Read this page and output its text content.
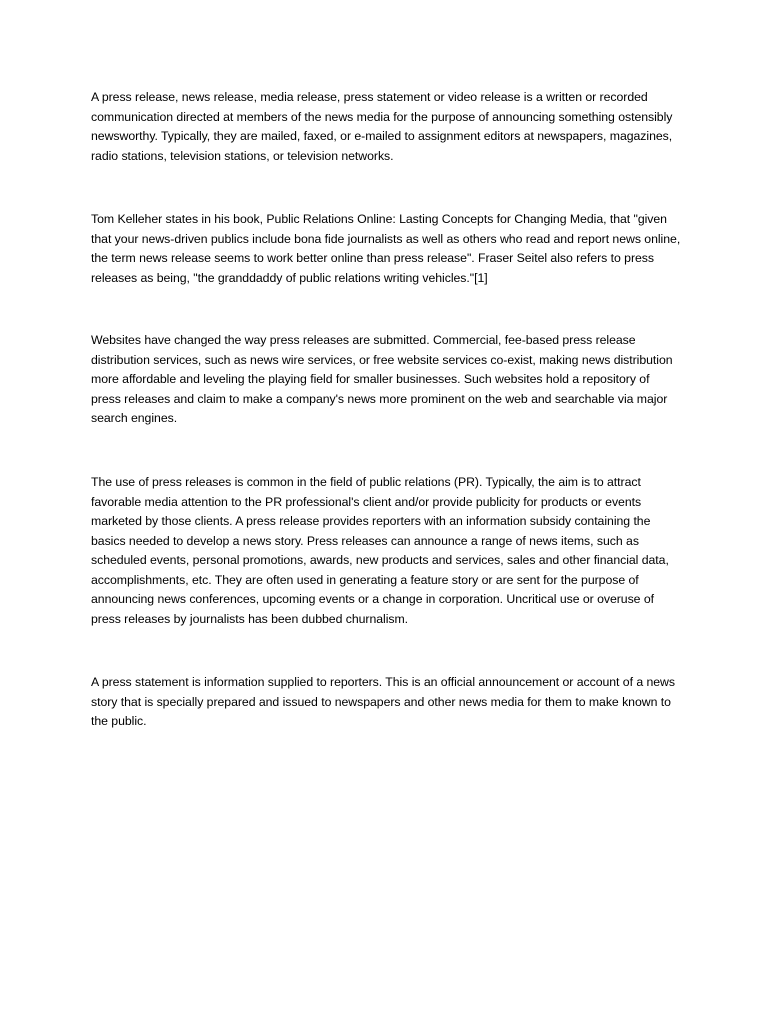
A press release, news release, media release, press statement or video release is a written or recorded communication directed at members of the news media for the purpose of announcing something ostensibly newsworthy. Typically, they are mailed, faxed, or e-mailed to assignment editors at newspapers, magazines, radio stations, television stations, or television networks.

Tom Kelleher states in his book, Public Relations Online: Lasting Concepts for Changing Media, that "given that your news-driven publics include bona fide journalists as well as others who read and report news online, the term news release seems to work better online than press release". Fraser Seitel also refers to press releases as being, "the granddaddy of public relations writing vehicles."[1]

Websites have changed the way press releases are submitted. Commercial, fee-based press release distribution services, such as news wire services, or free website services co-exist, making news distribution more affordable and leveling the playing field for smaller businesses. Such websites hold a repository of press releases and claim to make a company's news more prominent on the web and searchable via major search engines.

The use of press releases is common in the field of public relations (PR). Typically, the aim is to attract favorable media attention to the PR professional's client and/or provide publicity for products or events marketed by those clients. A press release provides reporters with an information subsidy containing the basics needed to develop a news story. Press releases can announce a range of news items, such as scheduled events, personal promotions, awards, new products and services, sales and other financial data, accomplishments, etc. They are often used in generating a feature story or are sent for the purpose of announcing news conferences, upcoming events or a change in corporation. Uncritical use or overuse of press releases by journalists has been dubbed churnalism.

A press statement is information supplied to reporters. This is an official announcement or account of a news story that is specially prepared and issued to newspapers and other news media for them to make known to the public.
